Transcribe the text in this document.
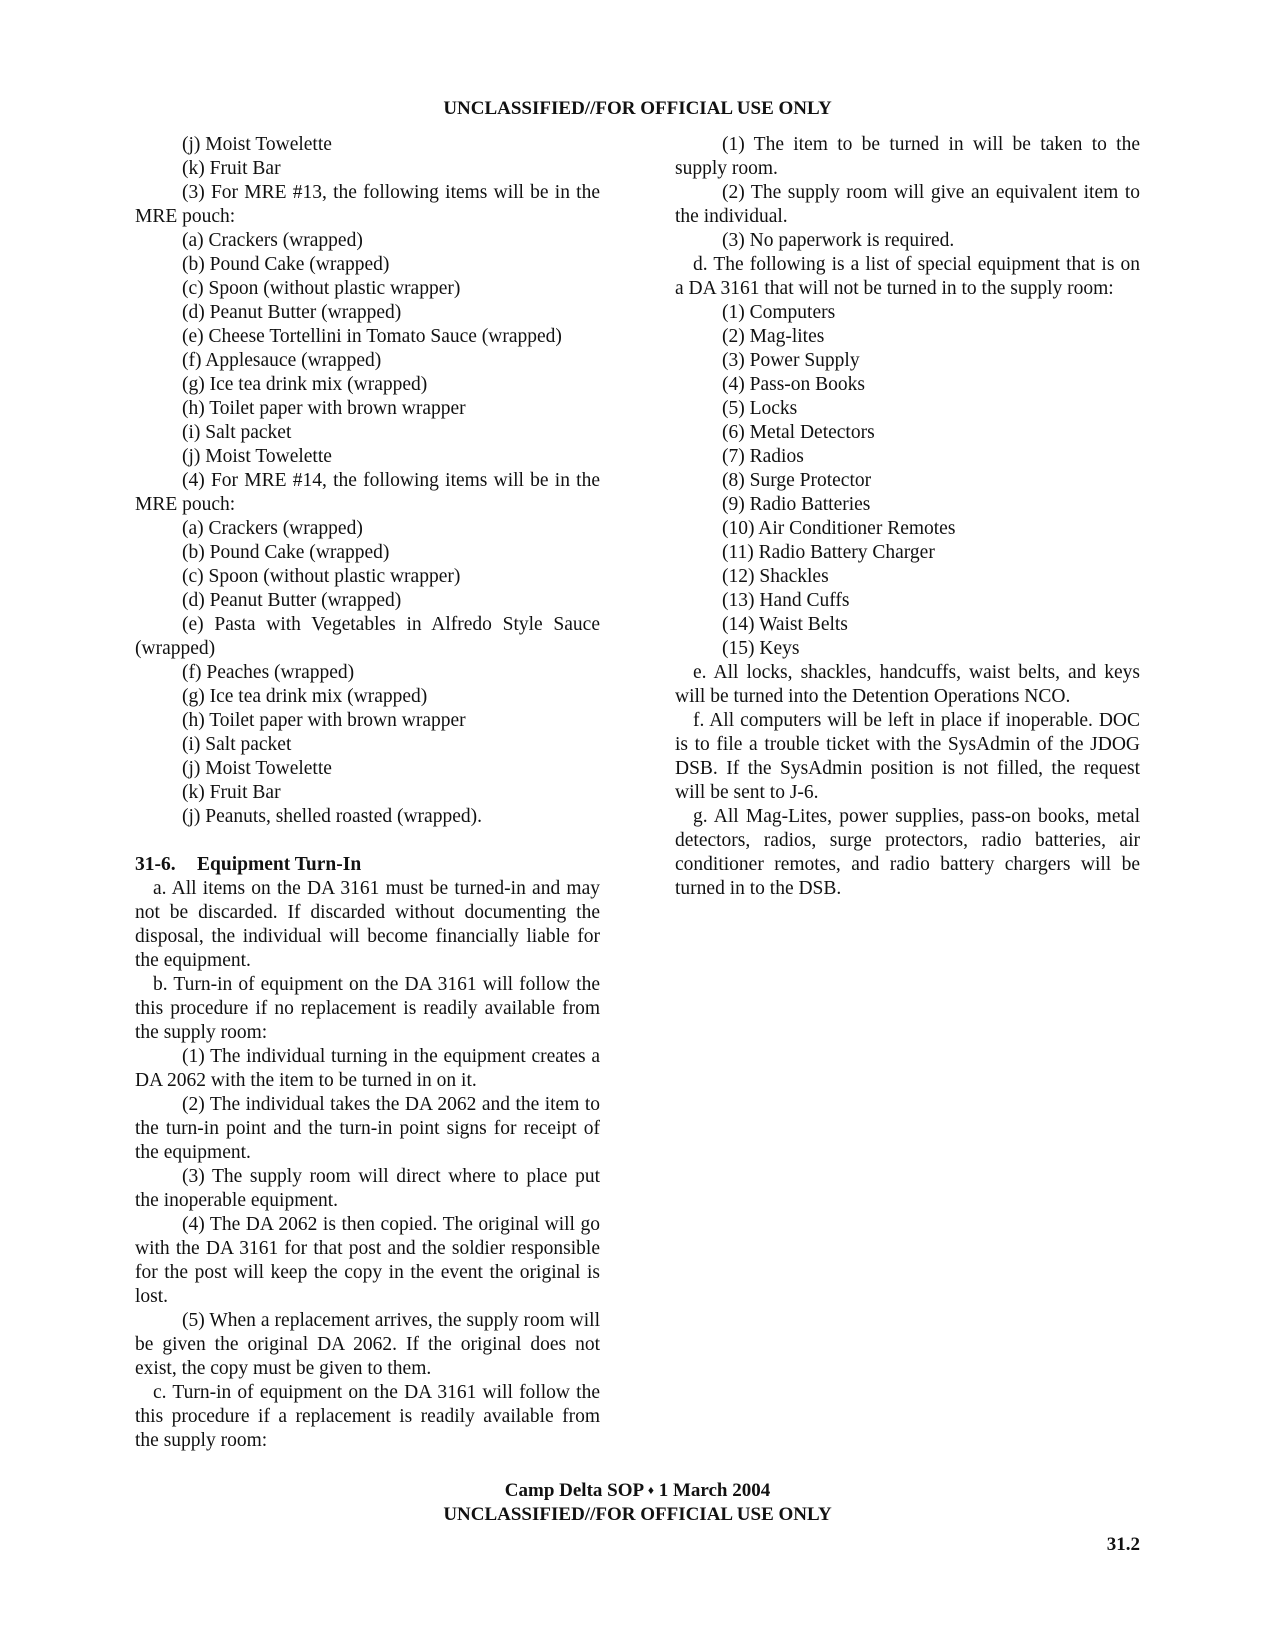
UNCLASSIFIED//FOR OFFICIAL USE ONLY

(j) Moist Towelette

(k) Fruit Bar

(3) For MRE #13, the following items will be in the MRE pouch:

(a) Crackers (wrapped)

(b) Pound Cake (wrapped)

(c) Spoon (without plastic wrapper)

(d) Peanut Butter (wrapped)

(e) Cheese Tortellini in Tomato Sauce (wrapped)

(f) Applesauce (wrapped)

(g) Ice tea drink mix (wrapped)

(h) Toilet paper with brown wrapper

(i) Salt packet

(j) Moist Towelette

(4) For MRE #14, the following items will be in the MRE pouch:

(a) Crackers (wrapped)

(b) Pound Cake (wrapped)

(c) Spoon (without plastic wrapper)

(d) Peanut Butter (wrapped)

(e) Pasta with Vegetables in Alfredo Style Sauce (wrapped)

(f) Peaches (wrapped)

(g) Ice tea drink mix (wrapped)

(h) Toilet paper with brown wrapper

(i) Salt packet

(j) Moist Towelette

(k) Fruit Bar

(j) Peanuts, shelled roasted (wrapped).

31-6. Equipment Turn-In

a. All items on the DA 3161 must be turned-in and may not be discarded. If discarded without documenting the disposal, the individual will become financially liable for the equipment.

b. Turn-in of equipment on the DA 3161 will follow the this procedure if no replacement is readily available from the supply room:

(1) The individual turning in the equipment creates a DA 2062 with the item to be turned in on it.

(2) The individual takes the DA 2062 and the item to the turn-in point and the turn-in point signs for receipt of the equipment.

(3) The supply room will direct where to place put the inoperable equipment.

(4) The DA 2062 is then copied. The original will go with the DA 3161 for that post and the soldier responsible for the post will keep the copy in the event the original is lost.

(5) When a replacement arrives, the supply room will be given the original DA 2062. If the original does not exist, the copy must be given to them.

c. Turn-in of equipment on the DA 3161 will follow the this procedure if a replacement is readily available from the supply room:

(1) The item to be turned in will be taken to the supply room.

(2) The supply room will give an equivalent item to the individual.

(3) No paperwork is required.

d. The following is a list of special equipment that is on a DA 3161 that will not be turned in to the supply room:

(1) Computers

(2) Mag-lites

(3) Power Supply

(4) Pass-on Books

(5) Locks

(6) Metal Detectors

(7) Radios

(8) Surge Protector

(9) Radio Batteries

(10) Air Conditioner Remotes

(11) Radio Battery Charger

(12) Shackles

(13) Hand Cuffs

(14) Waist Belts

(15) Keys

e. All locks, shackles, handcuffs, waist belts, and keys will be turned into the Detention Operations NCO.

f. All computers will be left in place if inoperable. DOC is to file a trouble ticket with the SysAdmin of the JDOG DSB. If the SysAdmin position is not filled, the request will be sent to J-6.

g. All Mag-Lites, power supplies, pass-on books, metal detectors, radios, surge protectors, radio batteries, air conditioner remotes, and radio battery chargers will be turned in to the DSB.

Camp Delta SOP ♦ 1 March 2004
UNCLASSIFIED//FOR OFFICIAL USE ONLY
31.2
